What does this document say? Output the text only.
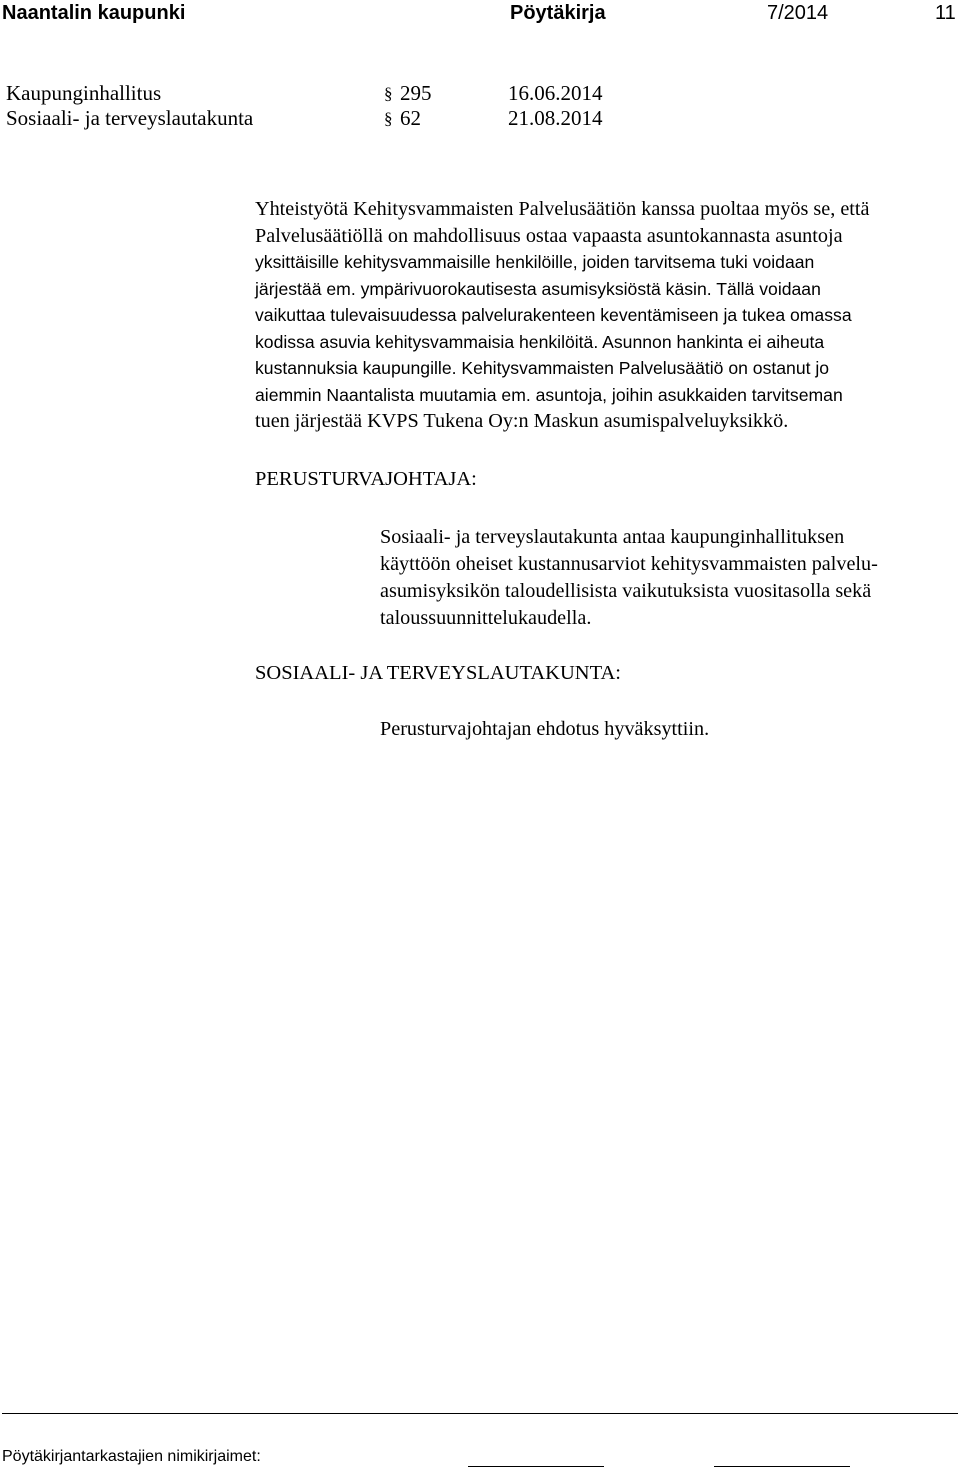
Naantalin kaupunki	Pöytäkirja	7/2014	11
Kaupunginhallitus	§ 295	16.06.2014
Sosiaali- ja terveyslautakunta	§ 62	21.08.2014
Yhteistyötä Kehitysvammaisten Palvelusäätiön kanssa puoltaa myös se, että
Palvelusäätiöllä on mahdollisuus ostaa vapaasta asuntokannasta asuntoja
yksittäisille kehitysvammaisille henkilöille, joiden tarvitsema tuki voidaan
järjestää em. ympärivuorokautisesta asumisyksiöstä käsin. Tällä voidaan
vaikuttaa tulevaisuudessa palvelurakenteen keventämiseen ja tukea omassa
kodissa asuvia kehitysvammaisia henkilöitä. Asunnon hankinta ei aiheuta
kustannuksia kaupungille. Kehitysvammaisten Palvelusäätiö on ostanut jo
aiemmin Naantalista muutamia em. asuntoja, joihin asukkaiden tarvitseman
tuen järjestää KVPS Tukena Oy:n Maskun asumispalveluyksikkö.
PERUSTURVAJOHTAJA:
Sosiaali- ja terveyslautakunta antaa kaupunginhallituksen
käyttöön oheiset kustannusarviot kehitysvammaisten palvelu-
asumisyksikön taloudellisista vaikutuksista vuositasolla sekä
taloussuunnittelukaudella.
SOSIAALI- JA TERVEYSLAUTAKUNTA:
Perusturvajohtajan ehdotus hyväksyttiin.
Pöytäkirjantarkastajien nimikirjaimet:
